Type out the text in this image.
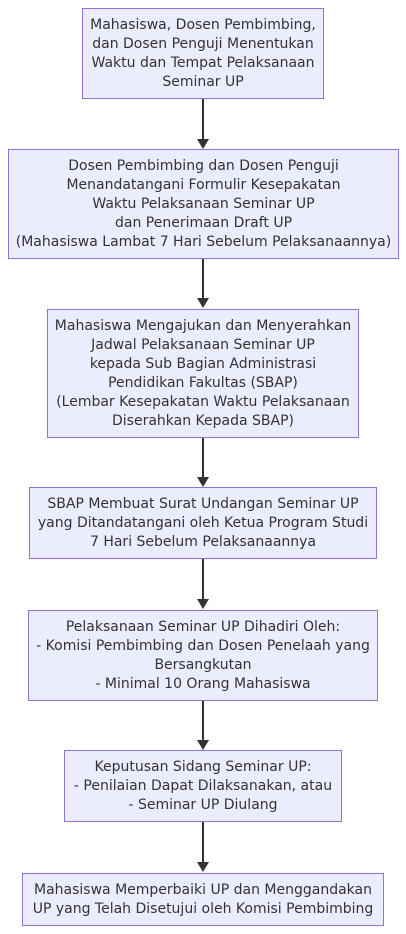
Mahasiswa, Dosen Pembimbing,
dan Dosen Penguji Menentukan
Waktu dan Tempat Pelaksanaan
Seminar UP
Dosen Pembimbing dan Dosen Penguji
Menandatangani Formulir Kesepakatan
Waktu Pelaksanaan Seminar UP
dan Penerimaan Draft UP
(Mahasiswa Lambat 7 Hari Sebelum Pelaksanaannya)
Mahasiswa Mengajukan dan Menyerahkan
Jadwal Pelaksanaan Seminar UP
kepada Sub Bagian Administrasi
Pendidikan Fakultas (SBAP)
(Lembar Kesepakatan Waktu Pelaksanaan
Diserahkan Kepada SBAP)
SBAP Membuat Surat Undangan Seminar UP
yang Ditandatangani oleh Ketua Program Studi
7 Hari Sebelum Pelaksanaannya
Pelaksanaan Seminar UP Dihadiri Oleh:
- Komisi Pembimbing dan Dosen Penelaah yang
Bersangkutan
- Minimal 10 Orang Mahasiswa
Keputusan Sidang Seminar UP:
- Penilaian Dapat Dilaksanakan, atau
- Seminar UP Diulang
Mahasiswa Memperbaiki UP dan Menggandakan
UP yang Telah Disetujui oleh Komisi Pembimbing
